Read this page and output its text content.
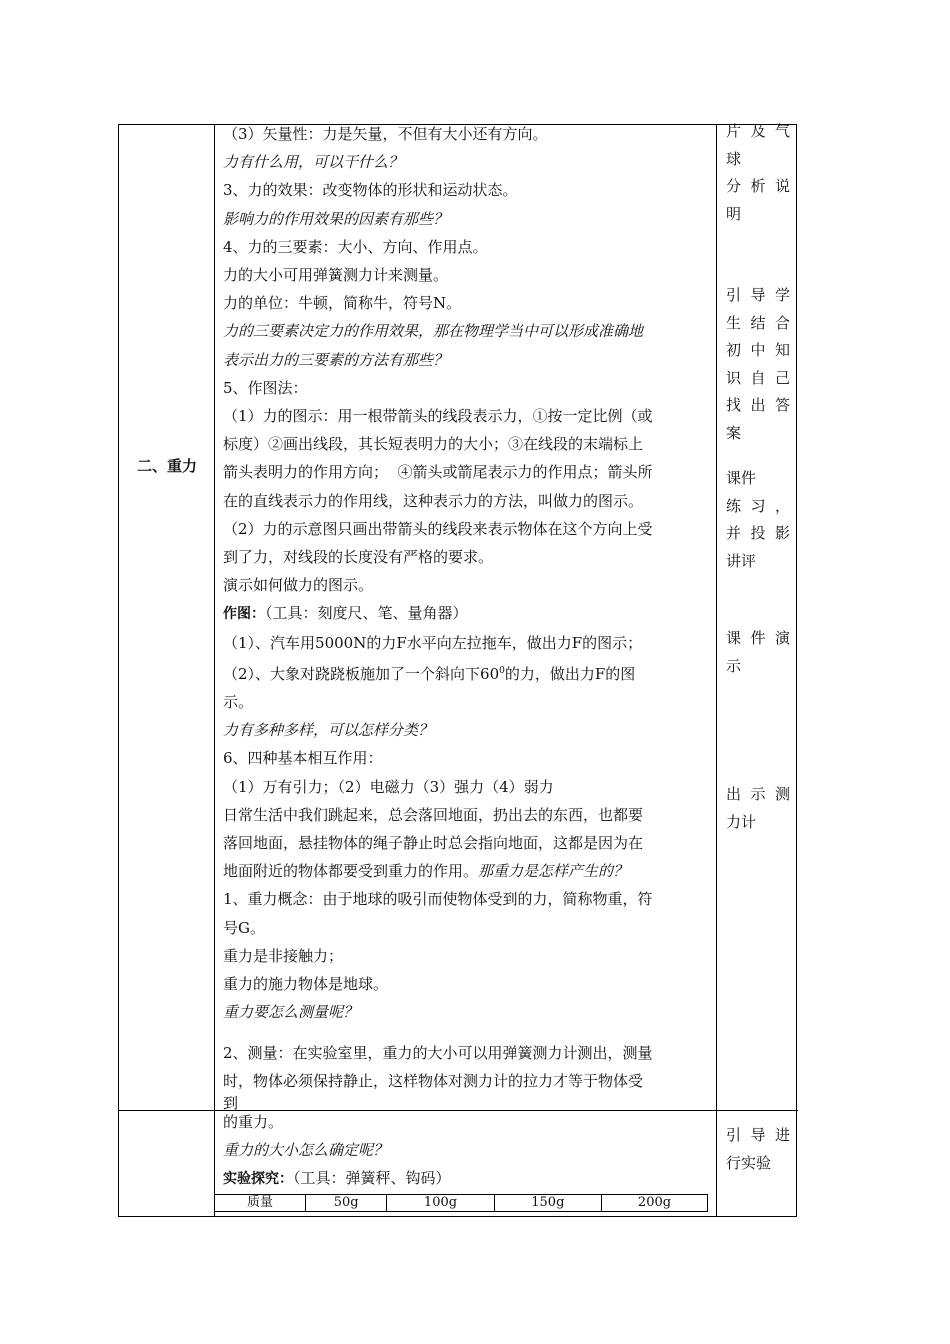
二、重力

（3）矢量性：力是矢量，不但有大小还有方向。

力有什么用，可以干什么？

3、力的效果：改变物体的形状和运动状态。

影响力的作用效果的因素有那些？

4、力的三要素：大小、方向、作用点。

力的大小可用弹簧测力计来测量。

力的单位：牛顿，简称牛，符号N。

力的三要素决定力的作用效果，那在物理学当中可以形成准确地

表示出力的三要素的方法有那些？

5、作图法：

（1）力的图示：用一根带箭头的线段表示力，①按一定比例（或

标度）②画出线段，其长短表明力的大小；③在线段的末端标上

箭头表明力的作用方向；  ④箭头或箭尾表示力的作用点；箭头所

在的直线表示力的作用线，这种表示力的方法，叫做力的图示。

（2）力的示意图只画出带箭头的线段来表示物体在这个方向上受

到了力，对线段的长度没有严格的要求。

演示如何做力的图示。

作图：（工具：刻度尺、笔、量角器）

（1）、汽车用5000N的力F水平向左拉拖车，做出力F的图示；

（2）、大象对跷跷板施加了一个斜向下$60^0$的力，做出力F的图

示。

力有多种多样，可以怎样分类？

6、四种基本相互作用：

（1）万有引力；（2）电磁力（3）强力（4）弱力

日常生活中我们跳起来，总会落回地面，扔出去的东西，也都要

落回地面，悬挂物体的绳子静止时总会指向地面，这都是因为在

地面附近的物体都要受到重力的作用。那重力是怎样产生的？

1、重力概念：由于地球的吸引而使物体受到的力，简称物重，符

号G。

重力是非接触力；

重力的施力物体是地球。

重力要怎么测量呢？

2、测量：在实验室里，重力的大小可以用弹簧测力计测出，测量

时，物体必须保持静止，这样物体对测力计的拉力才等于物体受

到

的重力。

重力的大小怎么确定呢？

实验探究：（工具：弹簧秤、钩码）

质量	50g	100g	150g	200g

片及气

球

分析说

明

引导学

生结合

初中知

识自己

找出答

案

课件

练习，

并投影

讲评

课件演

示

出示测

力计

引导进

行实验
